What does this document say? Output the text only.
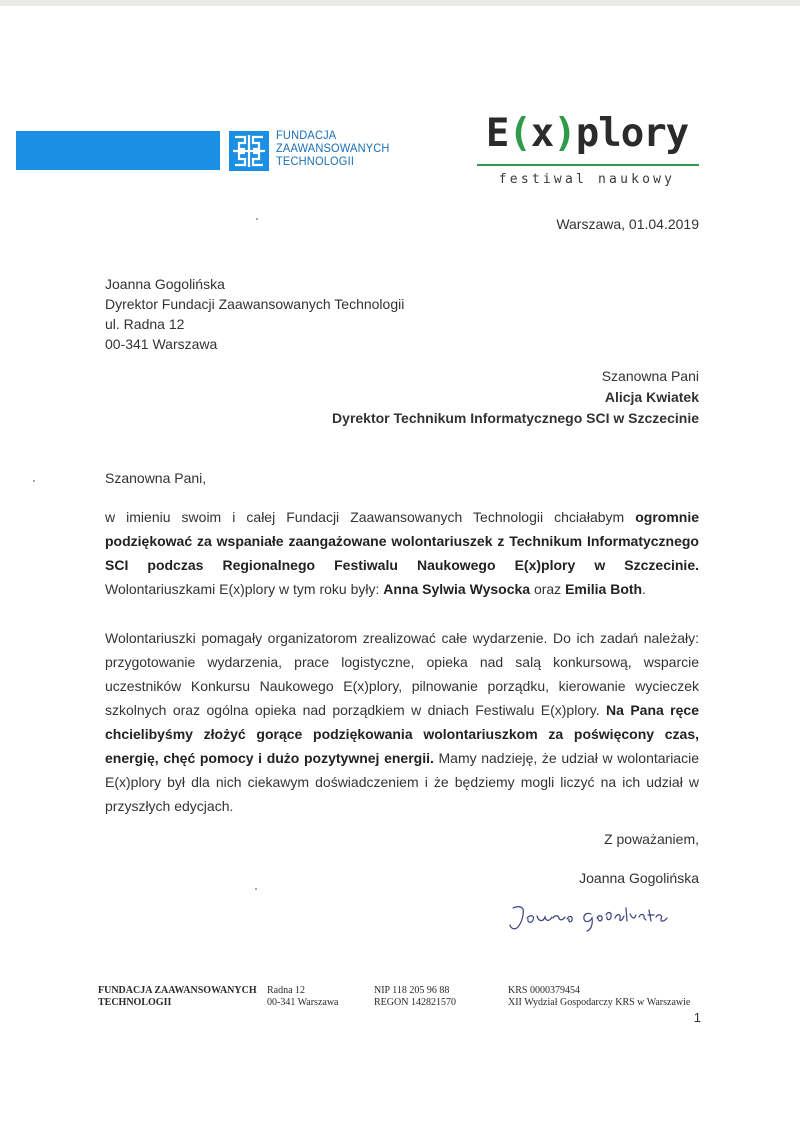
FUNDACJA
ZAAWANSOWANYCH
TECHNOLOGII
E(x)plory
festiwal naukowy
Warszawa, 01.04.2019
Joanna Gogolińska
Dyrektor Fundacji Zaawansowanych Technologii
ul. Radna 12
00-341 Warszawa
Szanowna Pani
Alicja Kwiatek
Dyrektor Technikum Informatycznego SCI w Szczecinie
Szanowna Pani,
w imieniu swoim i całej Fundacji Zaawansowanych Technologii chciałabym ogromnie podziękować za wspaniałe zaangażowane wolontariuszek z Technikum Informatycznego SCI podczas Regionalnego Festiwalu Naukowego E(x)plory w Szczecinie. Wolontariuszkami E(x)plory w tym roku były: Anna Sylwia Wysocka oraz Emilia Both.
Wolontariuszki pomagały organizatorom zrealizować całe wydarzenie. Do ich zadań należały: przygotowanie wydarzenia, prace logistyczne, opieka nad salą konkursową, wsparcie uczestników Konkursu Naukowego E(x)plory, pilnowanie porządku, kierowanie wycieczek szkolnych oraz ogólna opieka nad porządkiem w dniach Festiwalu E(x)plory. Na Pana ręce chcielibyśmy złożyć gorące podziękowania wolontariuszkom za poświęcony czas, energię, chęć pomocy i dużo pozytywnej energii. Mamy nadzieję, że udział w wolontariacie E(x)plory był dla nich ciekawym doświadczeniem i że będziemy mogli liczyć na ich udział w przyszłych edycjach.
Z poważaniem,
Joanna Gogolińska
FUNDACJA ZAAWANSOWANYCH
TECHNOLOGII
Radna 12
00-341 Warszawa
NIP 118 205 96 88
REGON 142821570
KRS 0000379454
XII Wydział Gospodarczy KRS w Warszawie
1
